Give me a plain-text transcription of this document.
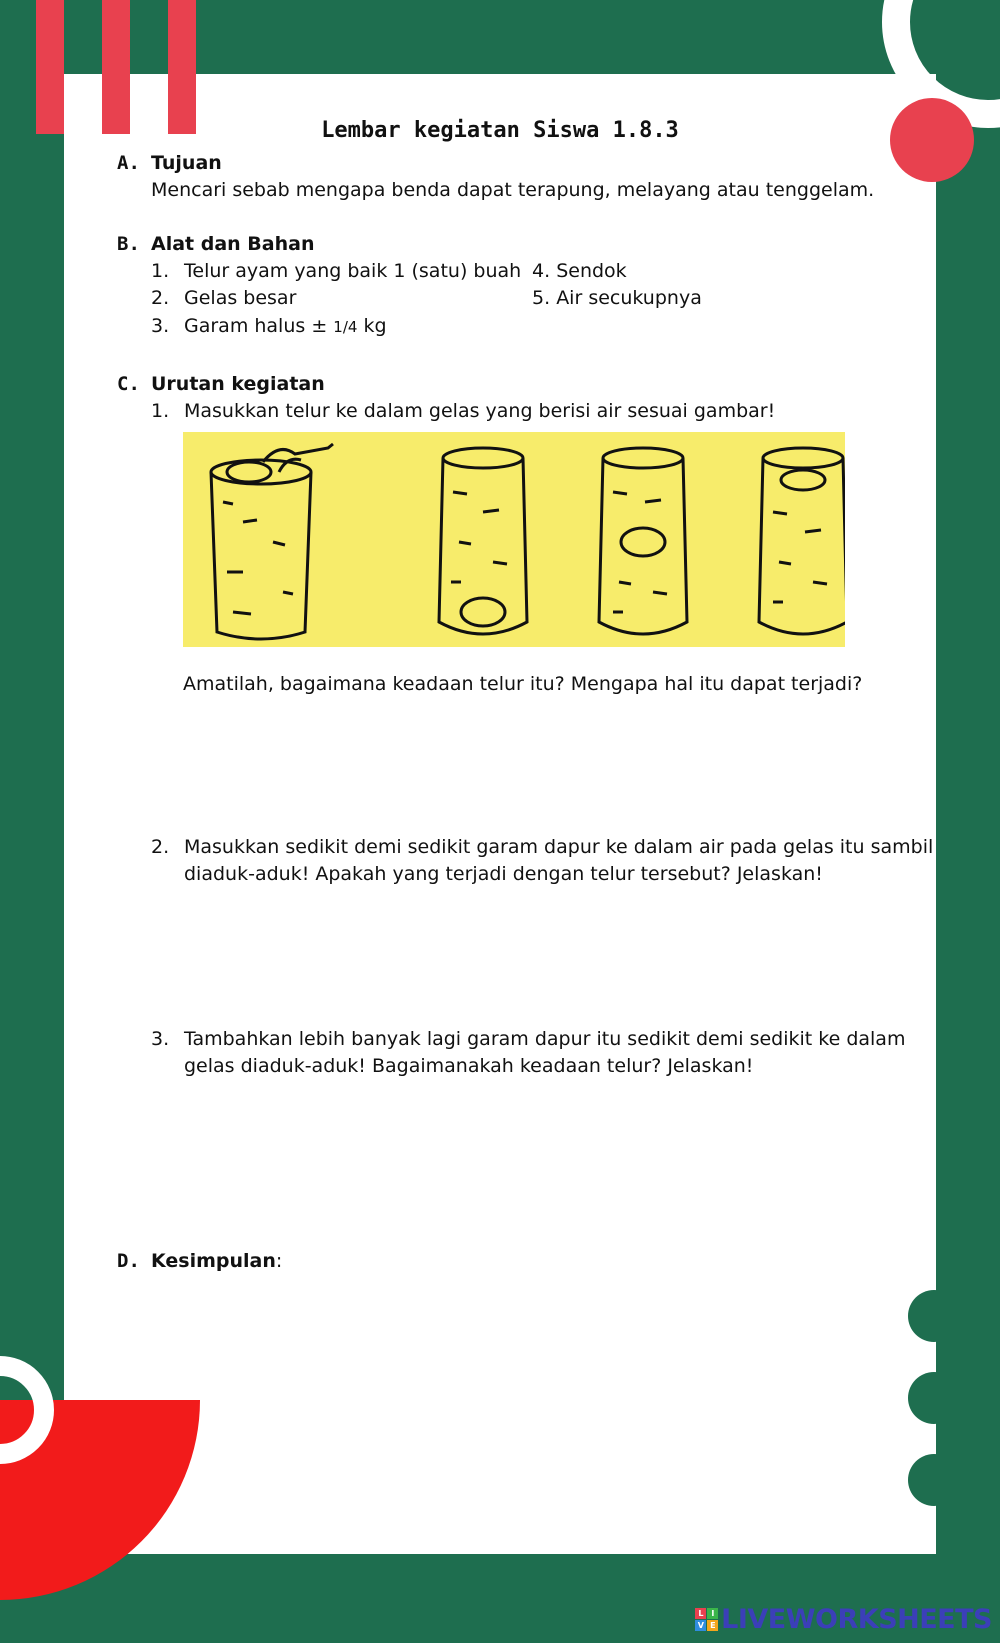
Lembar kegiatan Siswa 1.8.3
A. Tujuan
Mencari sebab mengapa benda dapat terapung, melayang atau tenggelam.
B. Alat dan Bahan
1. Telur ayam yang baik 1 (satu) buah
2. Gelas besar
3. Garam halus ± 1/4 kg
4. Sendok
5. Air secukupnya
C. Urutan kegiatan
1. Masukkan telur ke dalam gelas yang berisi air sesuai gambar!
Amatilah, bagaimana keadaan telur itu? Mengapa hal itu dapat terjadi?
2. Masukkan sedikit demi sedikit garam dapur ke dalam air pada gelas itu sambil
diaduk-aduk! Apakah yang terjadi dengan telur tersebut? Jelaskan!
3. Tambahkan lebih banyak lagi garam dapur itu sedikit demi sedikit ke dalam
gelas diaduk-aduk! Bagaimanakah keadaan telur? Jelaskan!
D. Kesimpulan:
L	I
V E LIVEWORKSHEETS
